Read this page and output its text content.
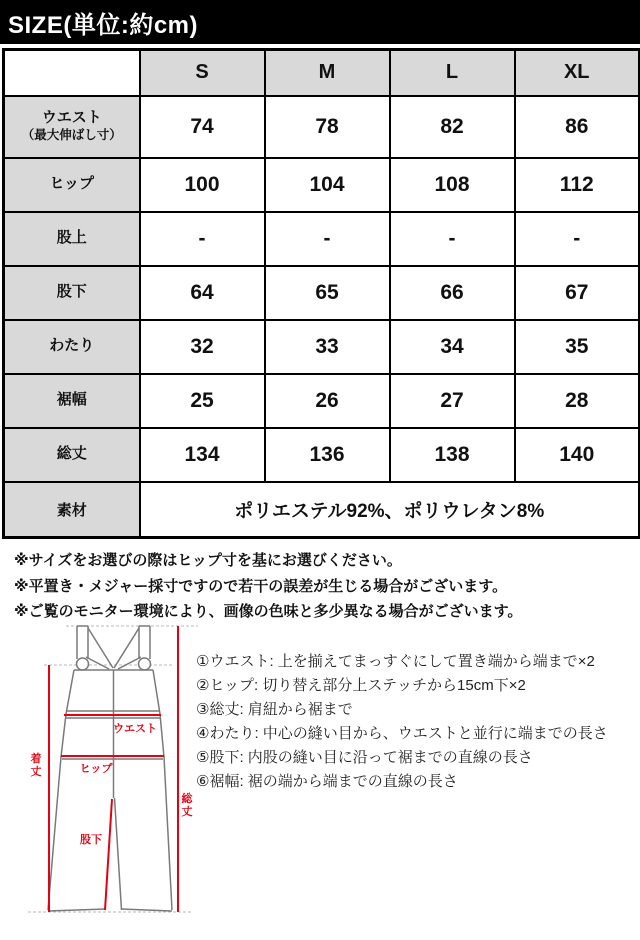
SIZE(単位:約cm)
	S	M	L	XL
ウエスト
（最大伸ばし寸）	74	78	82	86
ヒップ	100	104	108	112
股上	-	-	-	-
股下	64	65	66	67
わたり	32	33	34	35
裾幅	25	26	27	28
総丈	134	136	138	140
素材	ポリエステル92%、ポリウレタン8%			

※サイズをお選びの際はヒップ寸を基にお選びください。

※平置き・メジャー採寸ですので若干の誤差が生じる場合がございます。

※ご覧のモニター環境により、画像の色味と多少異なる場合がございます。

ウエスト
ヒップ
股下
着
丈
総
丈
①ウエスト: 上を揃えてまっすぐにして置き端から端まで×2
②ヒップ: 切り替え部分上ステッチから15cm下×2
③総丈: 肩紐から裾まで
④わたり: 中心の縫い目から、ウエストと並行に端までの長さ
⑤股下: 内股の縫い目に沿って裾までの直線の長さ
⑥裾幅: 裾の端から端までの直線の長さ
